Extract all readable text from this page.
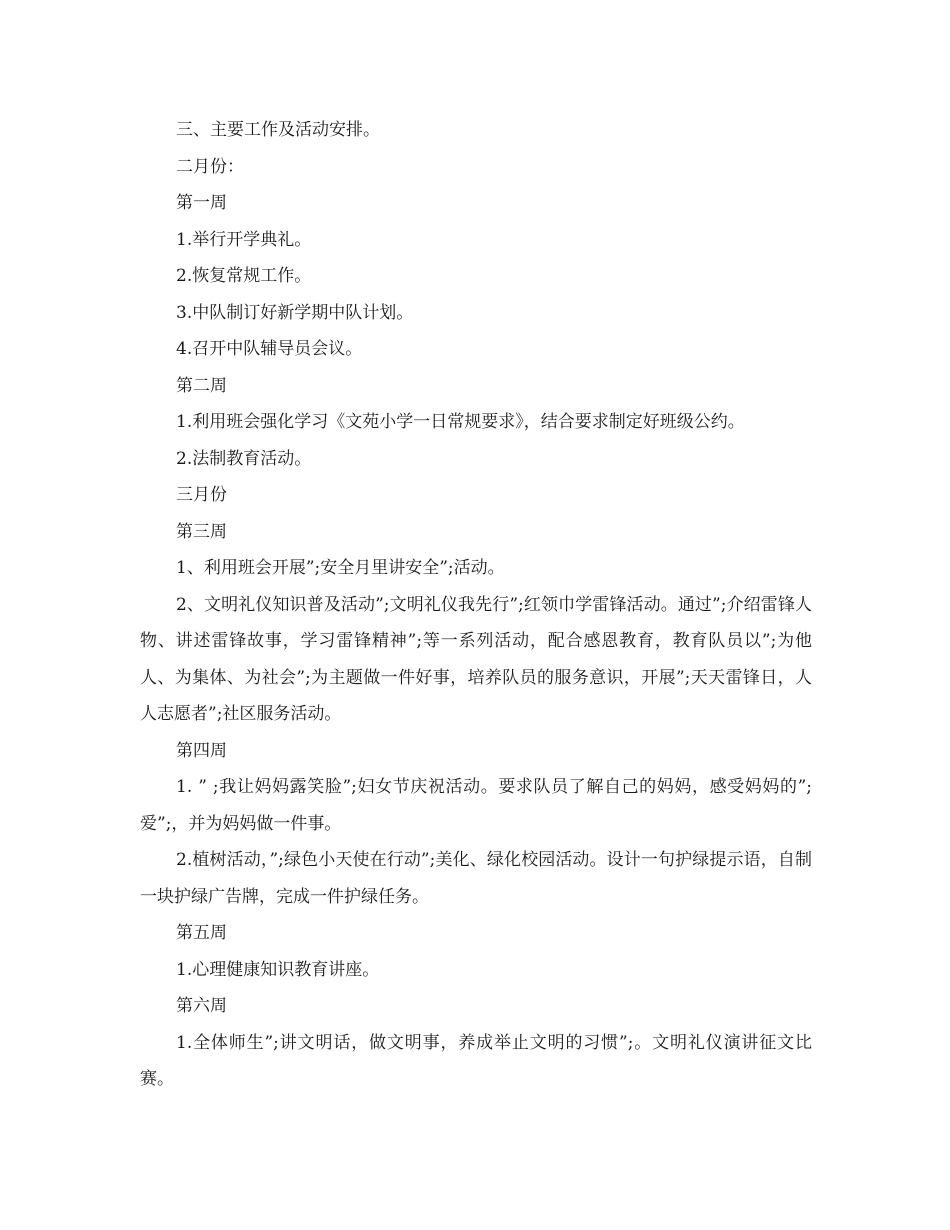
三、主要工作及活动安排。

二月份：

第一周

1.举行开学典礼。

2.恢复常规工作。

3.中队制订好新学期中队计划。

4.召开中队辅导员会议。

第二周

1.利用班会强化学习《文苑小学一日常规要求》，结合要求制定好班级公约。

2.法制教育活动。

三月份

第三周

1、利用班会开展”;安全月里讲安全”;活动。

2、文明礼仪知识普及活动”;文明礼仪我先行”;红领巾学雷锋活动。通过”;介绍雷锋人物、讲述雷锋故事，学习雷锋精神”;等一系列活动，配合感恩教育，教育队员以”;为他人、为集体、为社会”;为主题做一件好事，培养队员的服务意识，开展”;天天雷锋日，人人志愿者”;社区服务活动。

第四周

1. ” ;我让妈妈露笑脸”;妇女节庆祝活动。要求队员了解自己的妈妈，感受妈妈的”;爱”;，并为妈妈做一件事。

2.植树活动，”;绿色小天使在行动”;美化、绿化校园活动。设计一句护绿提示语，自制一块护绿广告牌，完成一件护绿任务。

第五周

1.心理健康知识教育讲座。

第六周

1.全体师生”;讲文明话，做文明事，养成举止文明的习惯”;。文明礼仪演讲征文比赛。
